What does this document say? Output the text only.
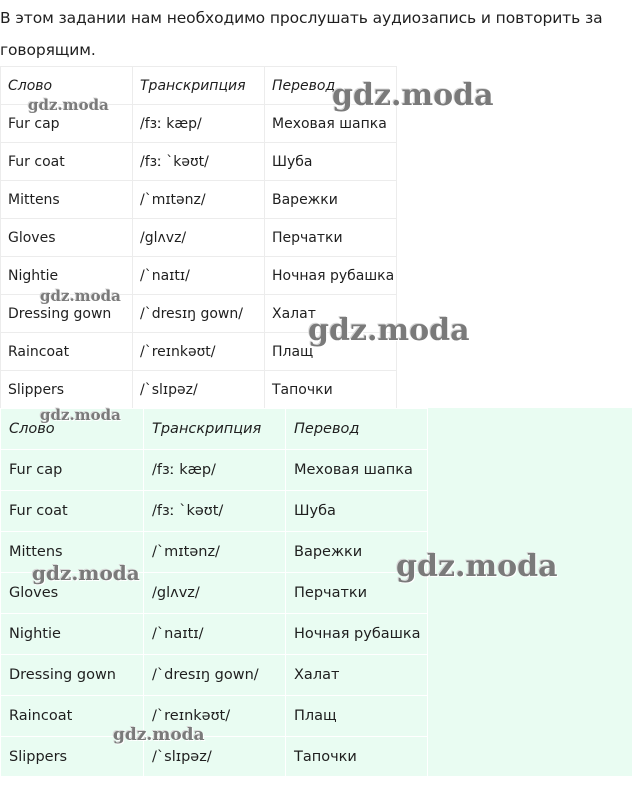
В этом задании нам необходимо прослушать аудиозапись и повторить за говорящим.
Слово	Транскрипция	Перевод
Fur cap	/fɜː kæp/	Меховая шапка
Fur coat	/fɜː ˋkəʊt/	Шуба
Mittens	/ˋmɪtənz/	Варежки
Gloves	/glʌvz/	Перчатки
Nightie	/ˋnaɪtɪ/	Ночная рубашка
Dressing gown	/ˋdresɪŋ gown/	Халат
Raincoat	/ˋreɪnkəʊt/	Плащ
Slippers	/ˋslɪpəz/	Тапочки
Слово	Транскрипция	Перевод
Fur cap	/fɜː kæp/	Меховая шапка
Fur coat	/fɜː ˋkəʊt/	Шуба
Mittens	/ˋmɪtənz/	Варежки
Gloves	/glʌvz/	Перчатки
Nightie	/ˋnaɪtɪ/	Ночная рубашка
Dressing gown	/ˋdresɪŋ gown/	Халат
Raincoat	/ˋreɪnkəʊt/	Плащ
Slippers	/ˋslɪpəz/	Тапочки
gdz.moda	gdz.moda
gdz.moda
gdz.moda
gdz.moda
gdz.moda
gdz.moda
gdz.moda
